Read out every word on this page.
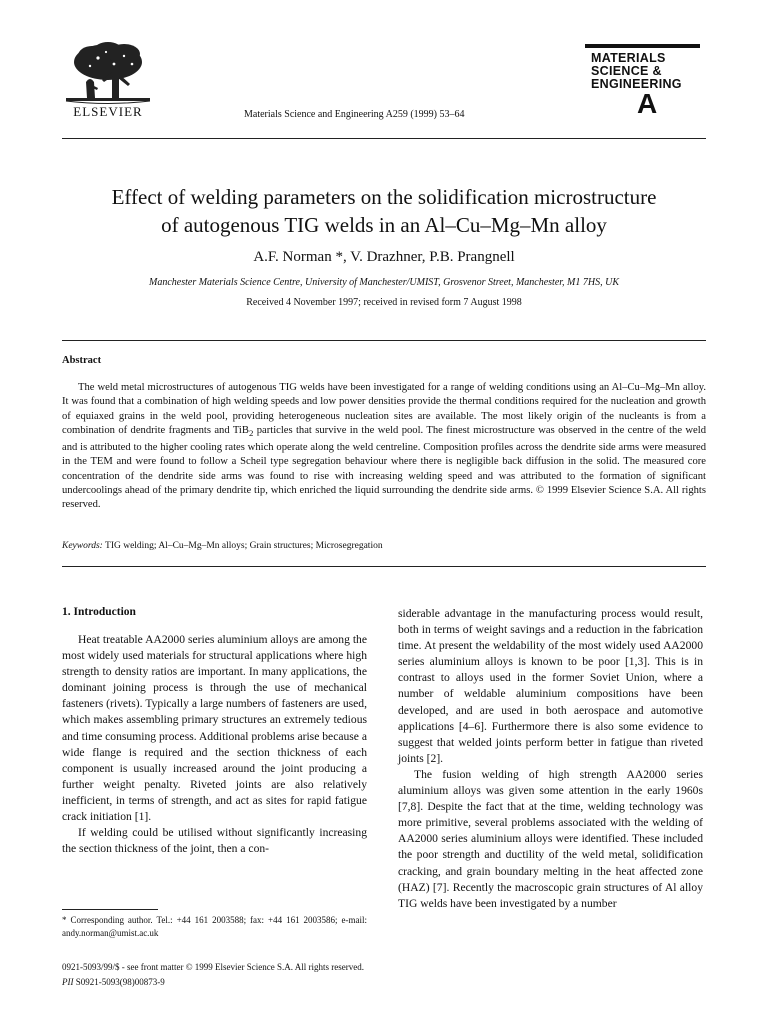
ELSEVIER	Materials Science and Engineering A259 (1999) 53–64
MATERIALS
SCIENCE &
ENGINEERING
A
Effect of welding parameters on the solidification microstructure
of autogenous TIG welds in an Al–Cu–Mg–Mn alloy
A.F. Norman *, V. Drazhner, P.B. Prangnell
Manchester Materials Science Centre, University of Manchester/UMIST, Grosvenor Street, Manchester, M1 7HS, UK
Received 4 November 1997; received in revised form 7 August 1998
Abstract
The weld metal microstructures of autogenous TIG welds have been investigated for a range of welding conditions using an Al–Cu–Mg–Mn alloy. It was found that a combination of high welding speeds and low power densities provide the thermal conditions required for the nucleation and growth of equiaxed grains in the weld pool, providing heterogeneous nucleation sites are available. The most likely origin of the nucleants is from a combination of dendrite fragments and TiB$_2$ particles that survive in the weld pool. The finest microstructure was observed in the centre of the weld and is attributed to the higher cooling rates which operate along the weld centreline. Composition profiles across the dendrite side arms were measured in the TEM and were found to follow a Scheil type segregation behaviour where there is negligible back diffusion in the solid. The measured core concentration of the dendrite side arms was found to rise with increasing welding speed and was attributed to the formation of significant undercoolings ahead of the primary dendrite tip, which enriched the liquid surrounding the dendrite side arms. © 1999 Elsevier Science S.A. All rights reserved.
Keywords: TIG welding; Al–Cu–Mg–Mn alloys; Grain structures; Microsegregation
1. Introduction

Heat treatable AA2000 series aluminium alloys are among the most widely used materials for structural applications where high strength to density ratios are important. In many applications, the dominant joining process is through the use of mechanical fasteners (rivets). Typically a large numbers of fasteners are used, which makes assembling primary structures an extremely tedious and time consuming process. Additional problems arise because a wide flange is required and the section thickness of each component is usually increased around the joint producing a further weight penalty. Riveted joints are also relatively inefficient, in terms of strength, and act as sites for rapid fatigue crack initiation [1].

If welding could be utilised without significantly increasing the section thickness of the joint, then a con-

siderable advantage in the manufacturing process would result, both in terms of weight savings and a reduction in the fabrication time. At present the weldability of the most widely used AA2000 series aluminium alloys is known to be poor [1,3]. This is in contrast to alloys used in the former Soviet Union, where a number of weldable aluminium compositions have been developed, and are used in both aerospace and automotive applications [4–6]. Furthermore there is also some evidence to suggest that welded joints perform better in fatigue than riveted joints [2].

The fusion welding of high strength AA2000 series aluminium alloys was given some attention in the early 1960s [7,8]. Despite the fact that at the time, welding technology was more primitive, several problems associated with the welding of AA2000 series aluminium alloys were identified. These included the poor strength and ductility of the weld metal, solidification cracking, and grain boundary melting in the heat affected zone (HAZ) [7]. Recently the macroscopic grain structures of Al alloy TIG welds have been investigated by a number

* Corresponding author. Tel.: +44 161 2003588; fax: +44 161 2003586; e-mail: andy.norman@umist.ac.uk
0921-5093/99/$ - see front matter © 1999 Elsevier Science S.A. All rights reserved.
PII S0921-5093(98)00873-9
